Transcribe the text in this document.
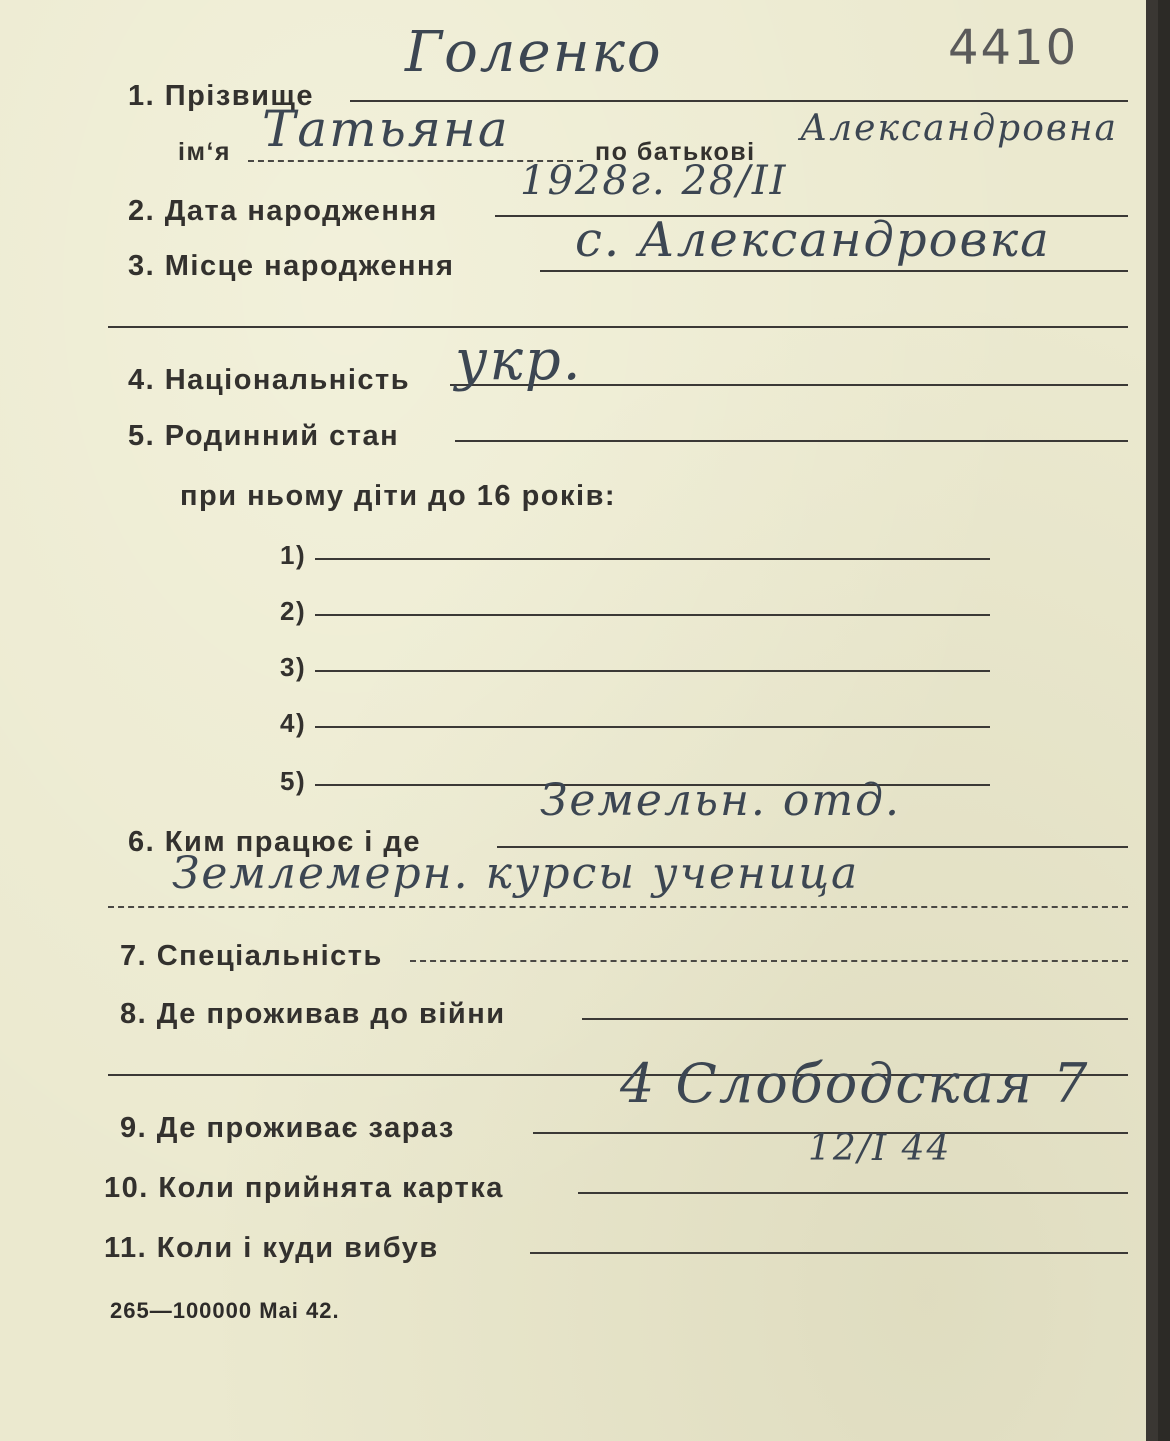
4410
1. Прізвище
Голенко
ім‘я Татьяна	по батькові
Александровна
2. Дата народження
1928г. 28/II
3. Місце народження	с. Александровка
4. Національність укр.
5. Родинний стан
при ньому діти до 16 років:
1)
2)
3)
4)
5)
6. Ким працює і де
Земельн. отд.
Землемерн. курсы ученица
7. Спеціальність
8. Де проживав до війни
9. Де проживає зараз
4 Слободская 7
10. Коли прийнята картка
12/I 44
11. Коли і куди вибув
265—100000 Mai 42.
